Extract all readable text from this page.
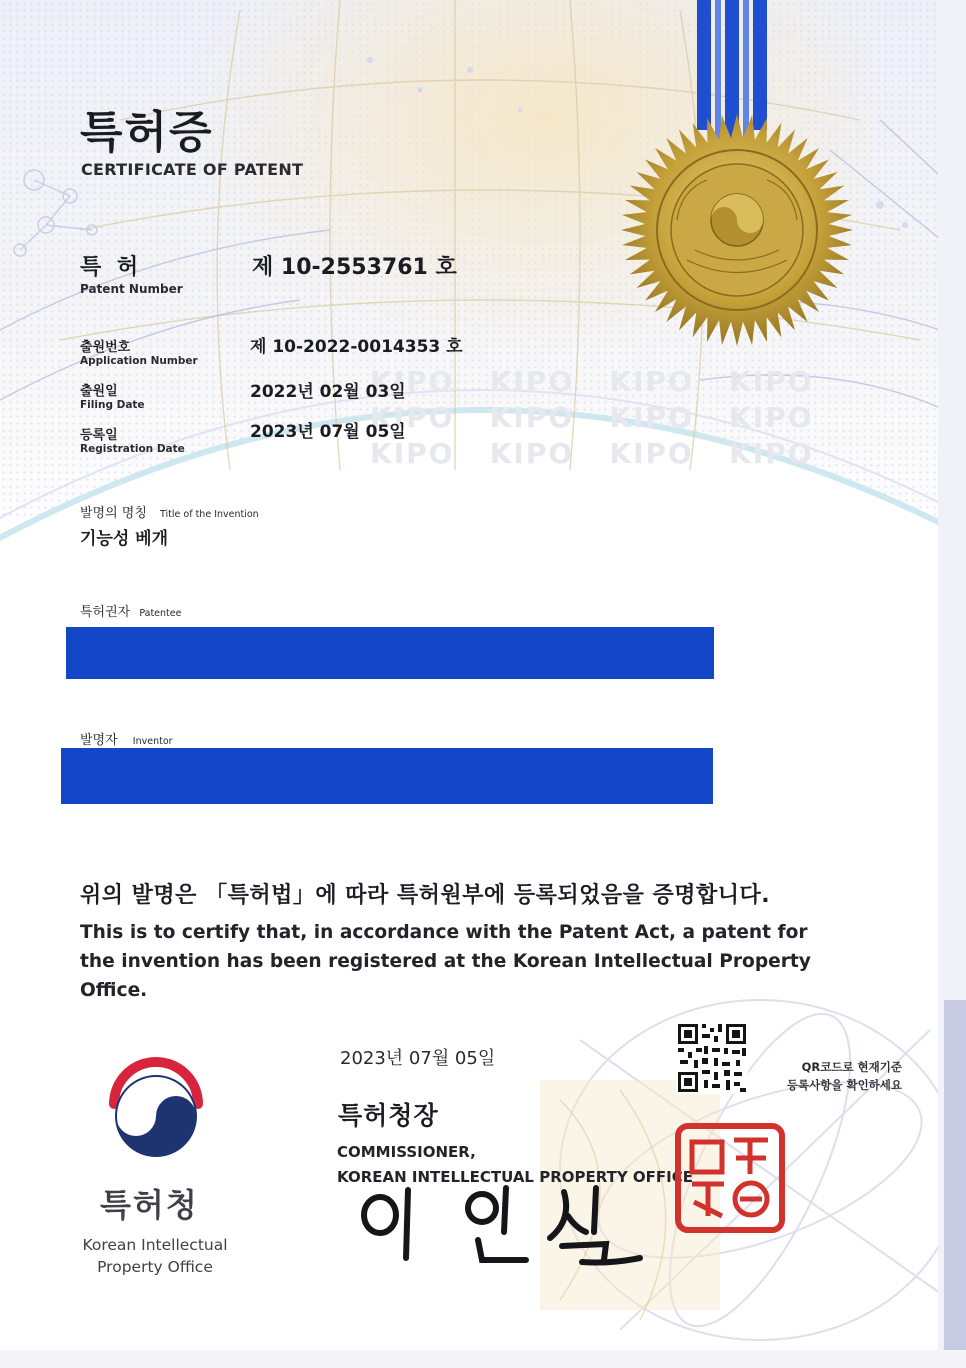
KIPO KIPO KIPO KIPO   KIPO KIPO KIPO KIPO   KIPO KIPO KIPO KIPO
특허증
CERTIFICATE OF PATENT
특 허
Patent Number
제 10-2553761 호
출원번호
Application Number
제 10-2022-0014353 호
출원일
Filing Date
2022년 02월 03일
등록일
Registration Date
2023년 07월 05일
발명의 명칭 Title of the Invention
기능성 베개
특허권자 Patentee
발명자 Inventor
위의 발명은 「특허법」에 따라 특허원부에 등록되었음을 증명합니다.
This is to certify that, in accordance with the Patent Act, a patent for the invention has been registered at the Korean Intellectual Property Office.
2023년 07월 05일
특허청장
COMMISSIONER,
KOREAN INTELLECTUAL PROPERTY OFFICE
QR코드로 현재기준
등록사항을 확인하세요
특허청
Korean Intellectual
Property Office
